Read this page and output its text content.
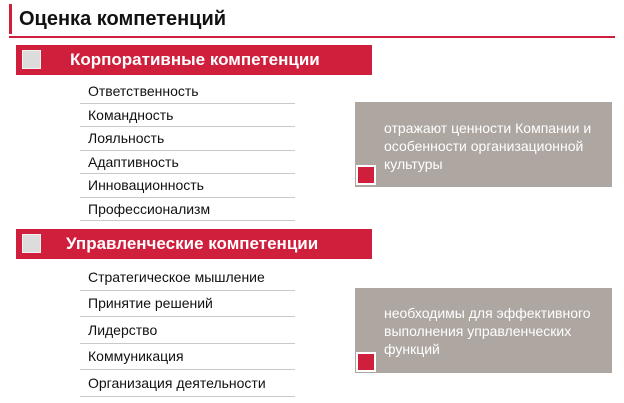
Оценка компетенций
Корпоративные компетенции
Ответственность
Командность
Лояльность
Адаптивность
Инновационность
Профессионализм
отражают ценности Компании и особенности организационной культуры
Управленческие компетенции
Стратегическое мышление
Принятие решений
Лидерство
Коммуникация
Организация деятельности
необходимы для эффективного выполнения управленческих функций
